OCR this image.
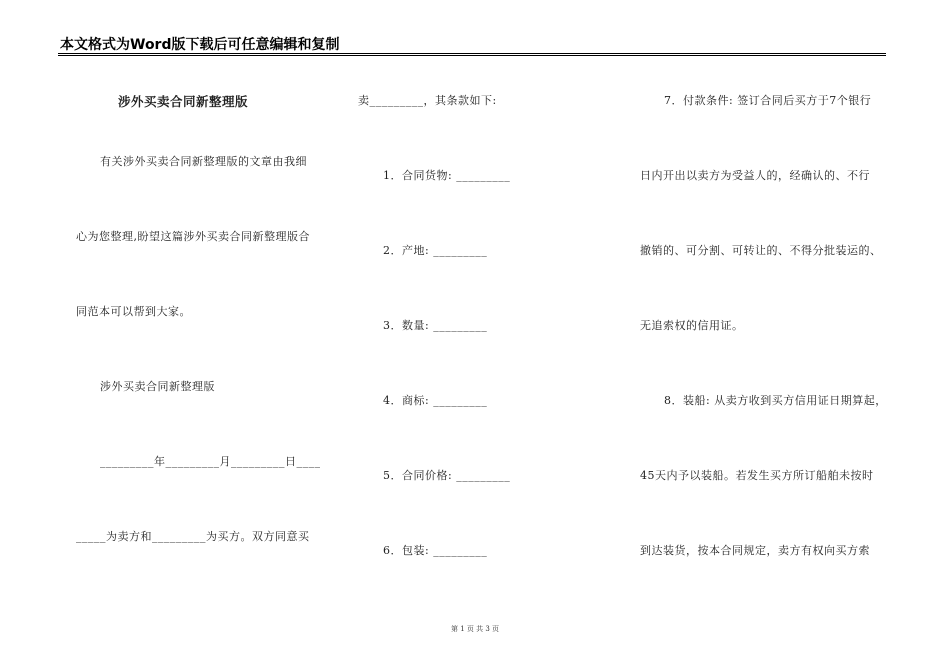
本文格式为Word版下载后可任意编辑和复制
涉外买卖合同新整理版
有关涉外买卖合同新整理版的文章由我细
心为您整理,盼望这篇涉外买卖合同新整理版合
同范本可以帮到大家。
涉外买卖合同新整理版
_________年_________月_________日____
_____为卖方和_________为买方。双方同意买
卖_________，其条款如下:
1．合同货物: _________
2．产地: _________
3．数量: _________
4．商标: _________
5．合同价格: _________
6．包装: _________
7．付款条件: 签订合同后买方于7个银行
日内开出以卖方为受益人的，经确认的、不行
撤销的、可分割、可转让的、不得分批装运的、
无追索权的信用证。
8．装船: 从卖方收到买方信用证日期算起，
45天内予以装船。若发生买方所订船舶未按时
到达装货，按本合同规定，卖方有权向买方索
第 1 页 共 3 页
